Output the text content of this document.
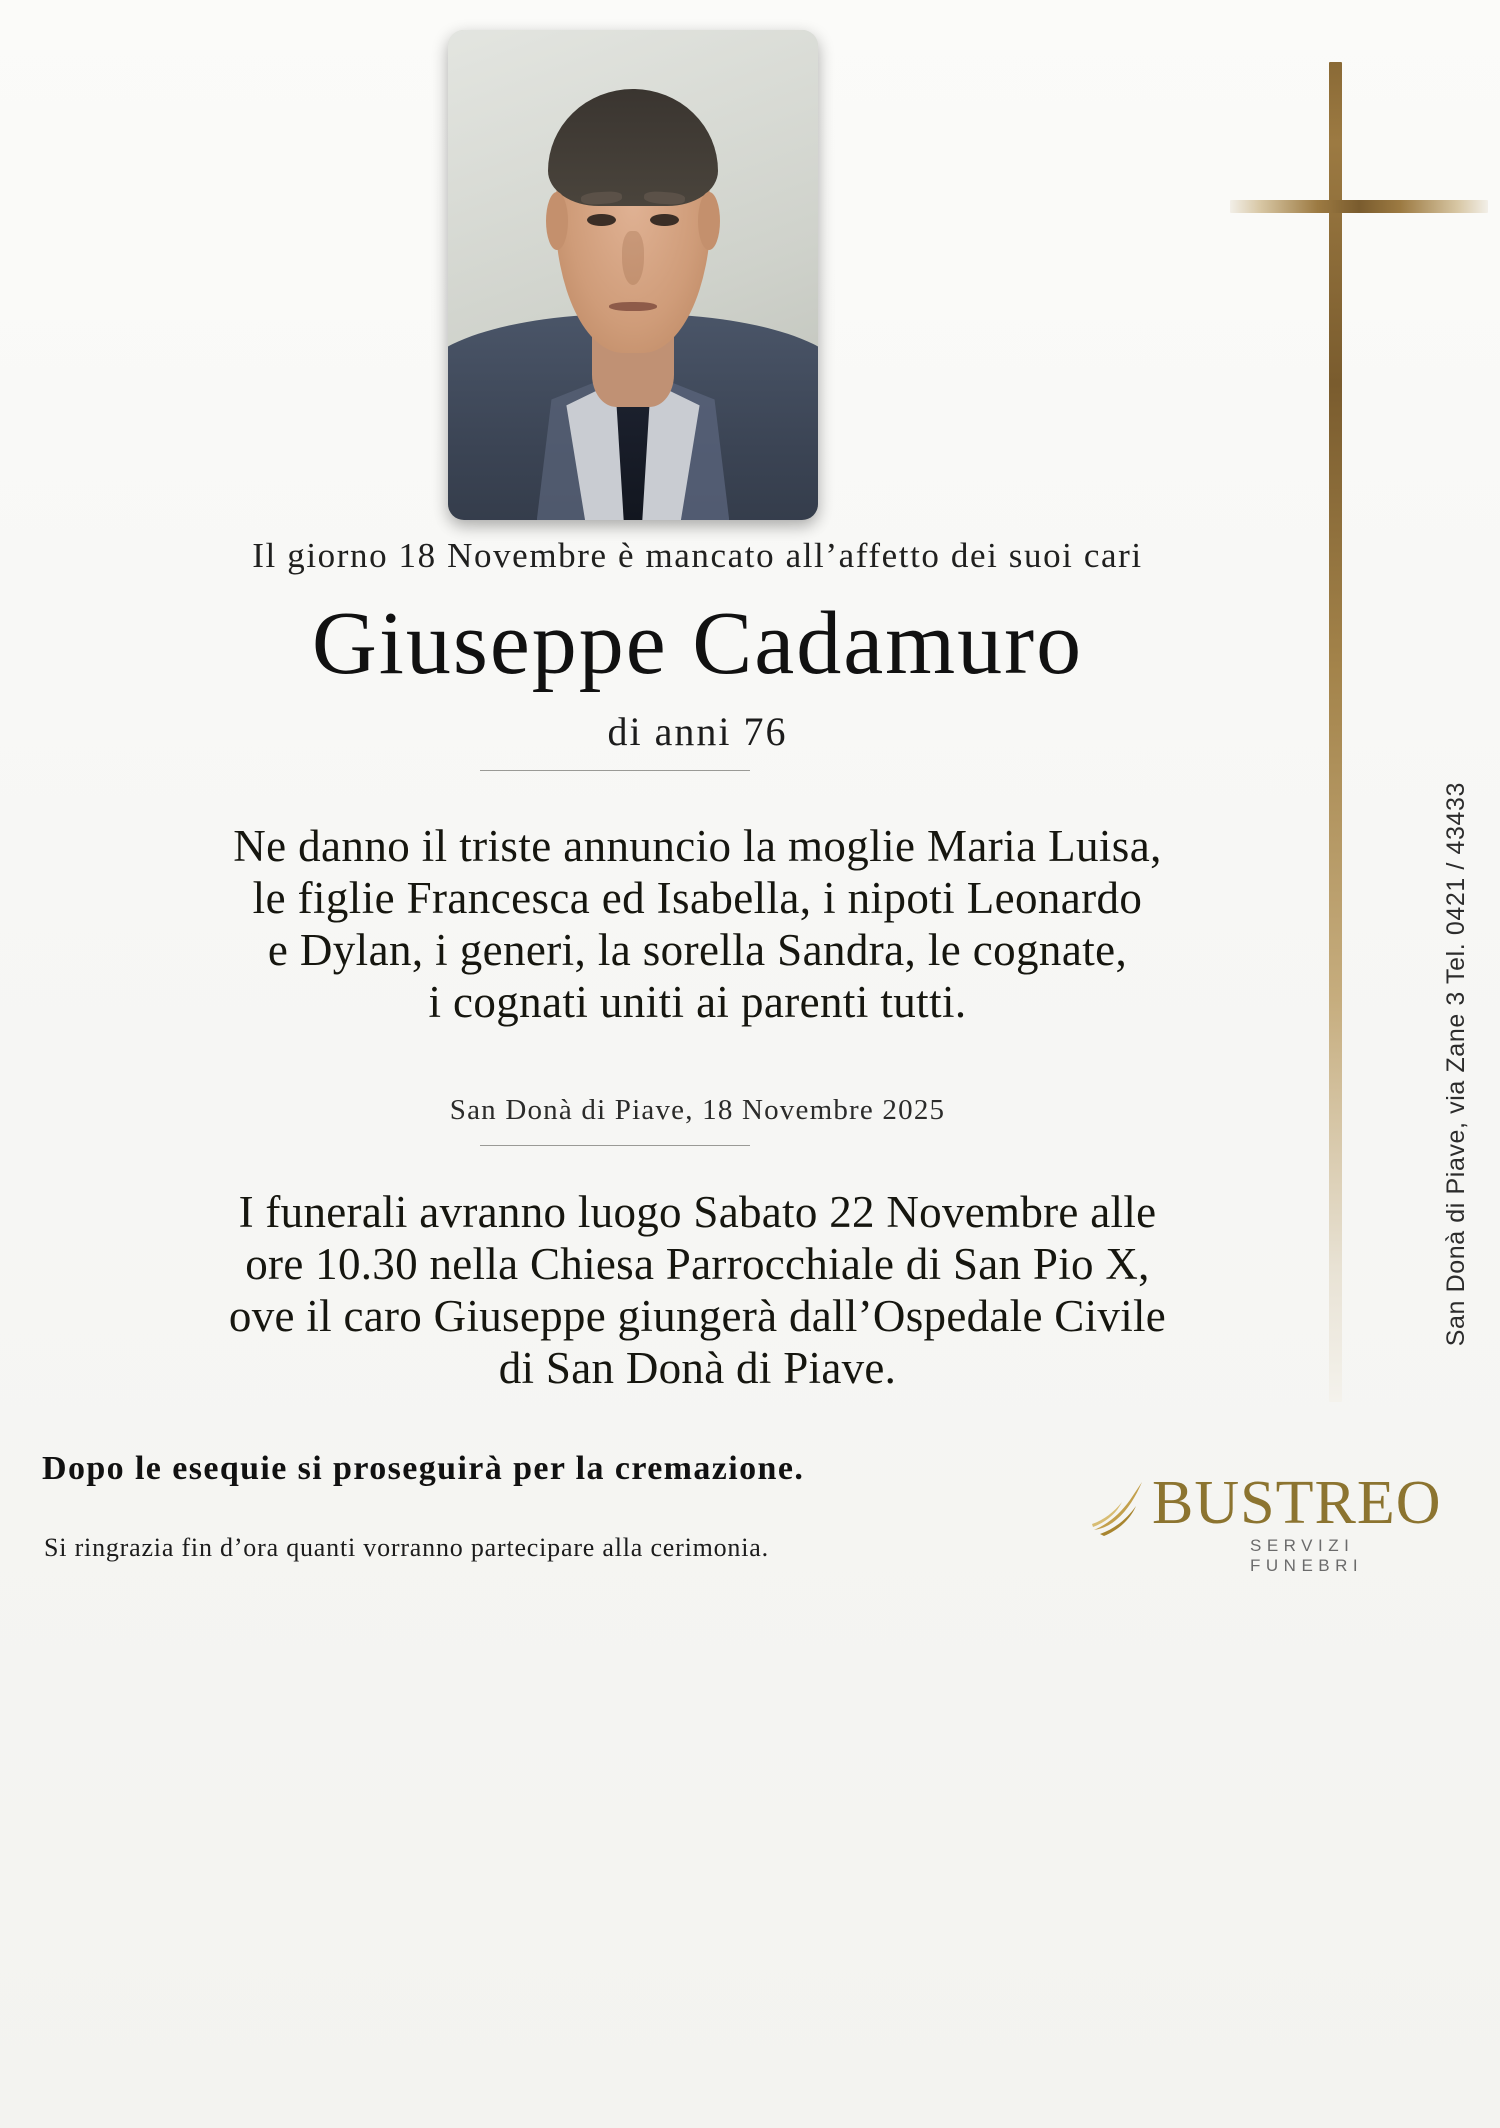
Il giorno 18 Novembre è mancato all’affetto dei suoi cari
Giuseppe Cadamuro
di anni 76
Ne danno il triste annuncio la moglie Maria Luisa,
le figlie Francesca ed Isabella, i nipoti Leonardo
e Dylan, i generi, la sorella Sandra, le cognate,
i cognati uniti ai parenti tutti.
San Donà di Piave, 18 Novembre 2025
I funerali avranno luogo Sabato 22 Novembre alle
ore 10.30 nella Chiesa Parrocchiale di San Pio X,
ove il caro Giuseppe giungerà dall’Ospedale Civile
di San Donà di Piave.
Dopo le esequie si proseguirà per la cremazione.
Si ringrazia fin d’ora quanti vorranno partecipare alla cerimonia.
BUSTREO
SERVIZI FUNEBRI
San Donà di Piave, via Zane 3 Tel. 0421 / 43433
